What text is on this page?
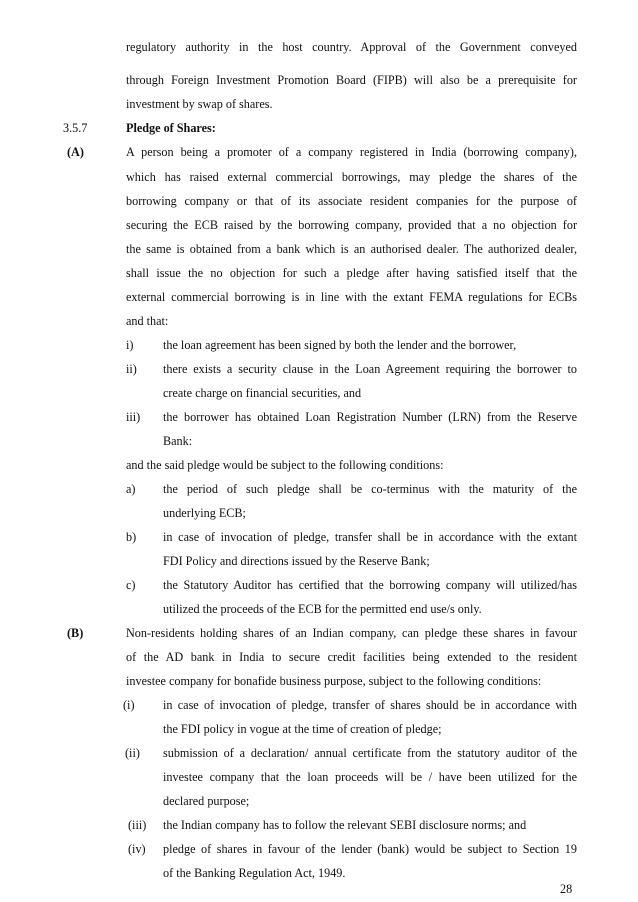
regulatory authority in the host country. Approval of the Government conveyed
through Foreign Investment Promotion Board (FIPB) will also be a prerequisite for
investment by swap of shares.
3.5.7	Pledge of Shares:
(A)	A person being a promoter of a company registered in India (borrowing company),
which has raised external commercial borrowings, may pledge the shares of the
borrowing company or that of its associate resident companies for the purpose of
securing the ECB raised by the borrowing company, provided that a no objection for
the same is obtained from a bank which is an authorised dealer. The authorized dealer,
shall issue the no objection for such a pledge after having satisfied itself that the
external commercial borrowing is in line with the extant FEMA regulations for ECBs
and that:
i) the loan agreement has been signed by both the lender and the borrower,
ii) there exists a security clause in the Loan Agreement requiring the borrower to
create charge on financial securities, and
iii) the borrower has obtained Loan Registration Number (LRN) from the Reserve
Bank:
and the said pledge would be subject to the following conditions:
a) the period of such pledge shall be co-terminus with the maturity of the
underlying ECB;
b) in case of invocation of pledge, transfer shall be in accordance with the extant
FDI Policy and directions issued by the Reserve Bank;
c) the Statutory Auditor has certified that the borrowing company will utilized/has
utilized the proceeds of the ECB for the permitted end use/s only.
(B)	Non-residents holding shares of an Indian company, can pledge these shares in favour
of the AD bank in India to secure credit facilities being extended to the resident
investee company for bonafide business purpose, subject to the following conditions:
(i) in case of invocation of pledge, transfer of shares should be in accordance with
the FDI policy in vogue at the time of creation of pledge;
(ii) submission of a declaration/ annual certificate from the statutory auditor of the
investee company that the loan proceeds will be / have been utilized for the
declared purpose;
(iii) the Indian company has to follow the relevant SEBI disclosure norms; and
(iv) pledge of shares in favour of the lender (bank) would be subject to Section 19
of the Banking Regulation Act, 1949.
28
